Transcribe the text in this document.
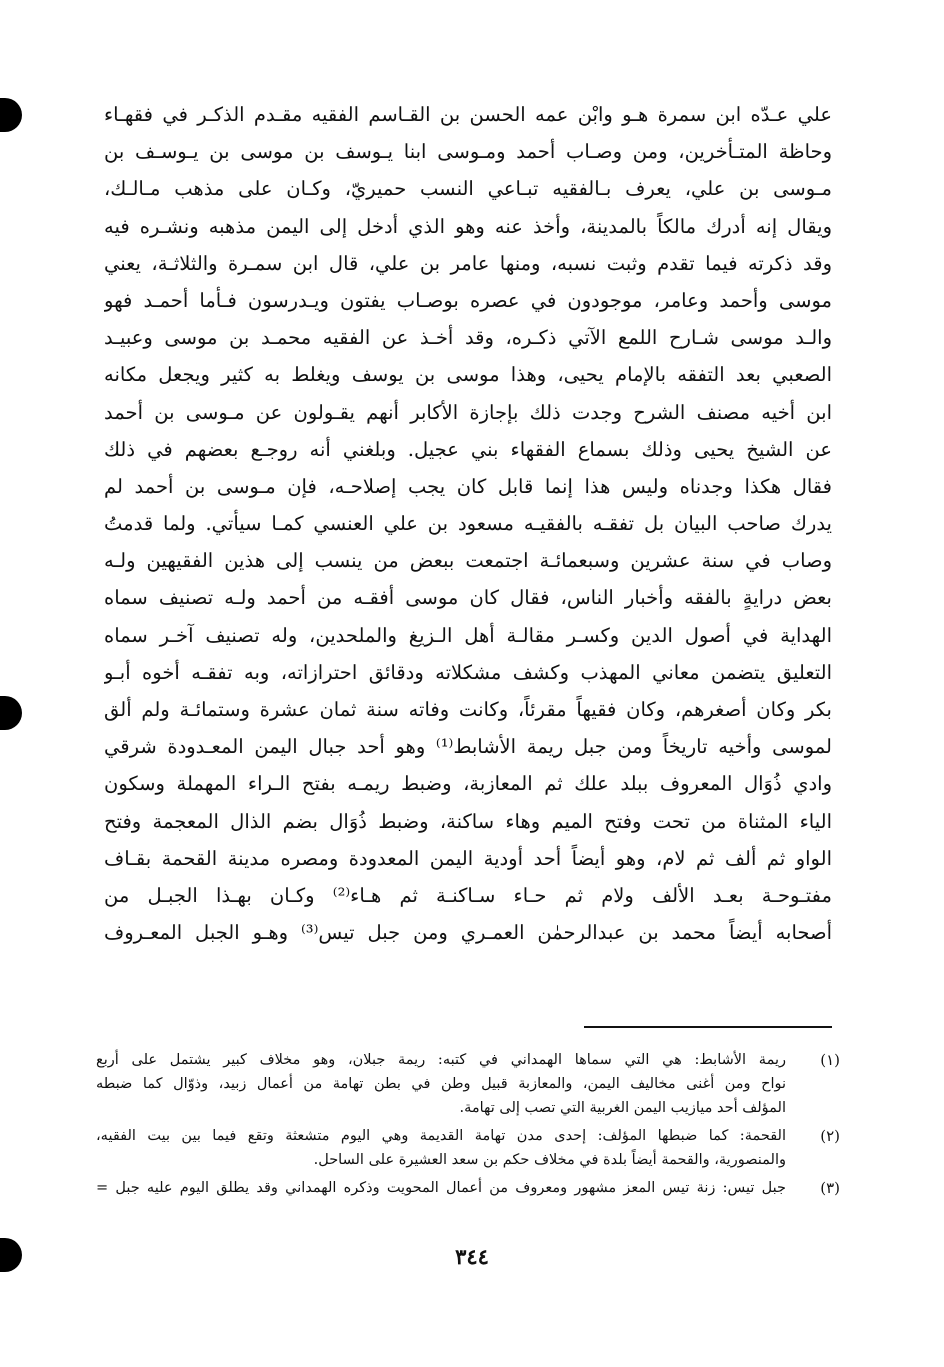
علي عـدّه ابن سمرة هـو وابْن عمه الحسن بن القـاسم الفقيه مقـدم الذكـر في فقهـاء
وحاظة المتـأخرين، ومن وصـاب أحمد ومـوسى ابنا يـوسف بن موسى بن يـوسـف بن
مـوسى بن علي، يعرف بـالفقيه تبـاعي النسب حميريّ، وكـان على مذهب مـالـك،
ويقال إنه أدرك مالكاً بالمدينة، وأخذ عنه وهو الذي أدخل إلى اليمن مذهبه ونشـره فيه
وقد ذكرته فيما تقدم وثبت نسبه، ومنها عامر بن علي، قال ابن سمـرة والثلاثـة، يعني
موسى وأحمد وعامر، موجودون في عصره بوصـاب يفتون ويـدرسون فـأما أحمـد فهو
والـد موسى شـارح اللمع الآتي ذكـره، وقد أخـذ عن الفقيه محمـد بن موسى وعبيـد
الصعبي بعد التفقه بالإمام يحيى، وهذا موسى بن يوسف ويغلط به كثير ويجعل مكانه
ابن أخيه مصنف الشرح وجدت ذلك بإجازة الأكابر أنهم يقـولون عن مـوسى بن أحمد
عن الشيخ يحيى وذلك بسماع الفقهاء بني عجيل. وبلغني أنه روجـع بعضهم في ذلك
فقال هكذا وجدناه وليس هذا إنما قابل كان يجب إصلاحـه، فإن مـوسى بن أحمد لم
يدرك صاحب البيان بل تفقـه بالفقيـه مسعود بن علي العنسي كمـا سيأتي. ولما قدمتُ
وصاب في سنة عشرين وسبعمائـة اجتمعت ببعض من ينسب إلى هذين الفقيهين ولـه
بعض درايةٍ بالفقه وأخبار الناس، فقال كان موسى أفقـه من أحمد ولـه تصنيف سماه
الهداية في أصول الدين وكسـر مقالـة أهل الـزيغ والملحدين، وله تصنيف آخـر سماه
التعليق يتضمن معاني المهذب وكشف مشكلاته ودقائق احترازاته، وبه تفقـه أخوه أبـو
بكر وكان أصغرهم، وكان فقيهاً مقرئاً، وكانت وفاته سنة ثمان عشرة وستمائـة ولم ألق
لموسى وأخيه تاريخاً ومن جبل ريمة الأشابط⁽¹⁾ وهو أحد جبال اليمن المعـدودة شرقي
وادي ذُوَال المعروف ببلد علك ثم المعازبة، وضبط ريمـه بفتح الـراء المهملة وسكون
الياء المثناة من تحت وفتح الميم وهاء ساكنة، وضبط ذُوَال بضم الذال المعجمة وفتح
الواو ثم ألف ثم لام، وهو أيضاً أحد أودية اليمن المعدودة ومصره مدينة القحمة بقـاف
مفتـوحـة بعـد الألف ولام ثم حـاء سـاكنـة ثم هـاء⁽²⁾ وكـان بهـذا الجبـل من
أصحابه أيضاً محمد بن عبدالرحمٰن العمـري ومن جبل تيس⁽³⁾ وهـو الجبل المعـروف
(١)
ريمة الأشابط: هي التي سماها الهمداني في كتبه: ريمة جبلان، وهو مخلاف كبير يشتمل على أربع
نواح ومن أغنى مخاليف اليمن، والمعازبة قبيل وطن في بطن تهامة من أعمال زبيد، وذوّال كما ضبطه
المؤلف أحد ميازيب اليمن الغربية التي تصب إلى تهامة.
(٢)
القحمة: كما ضبطها المؤلف: إحدى مدن تهامة القديمة وهي اليوم متشعثة وتقع فيما بين بيت الفقيه،
والمنصورية، والقحمة أيضاً بلدة في مخلاف حكم بن سعد العشيرة على الساحل.
(٣)
جبل تيس: زنة تيس المعز مشهور ومعروف من أعمال المحويت وذكره الهمداني وقد يطلق اليوم عليه جبل =
٣٤٤
